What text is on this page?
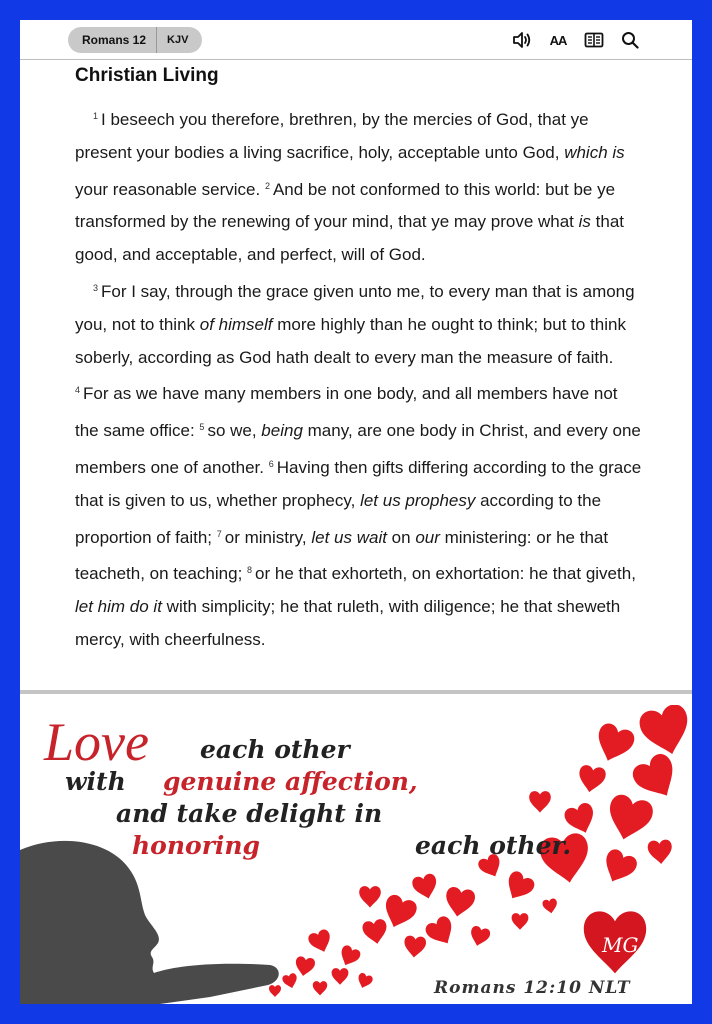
Romans 12	KJV	AA
Christian Living

$^1$ I beseech you therefore, brethren, by the mercies of God, that ye present your bodies a living sacrifice, holy, acceptable unto God, which is your reasonable service. $^2$ And be not conformed to this world: but be ye transformed by the renewing of your mind, that ye may prove what is that good, and acceptable, and perfect, will of God.

$^3$ For I say, through the grace given unto me, to every man that is among you, not to think of himself more highly than he ought to think; but to think soberly, according as God hath dealt to every man the measure of faith. $^4$ For as we have many members in one body, and all members have not the same office: $^5$ so we, being many, are one body in Christ, and every one members one of another. $^6$ Having then gifts differing according to the grace that is given to us, whether prophecy, let us prophesy according to the proportion of faith; $^7$ or ministry, let us wait on our ministering: or he that teacheth, on teaching; $^8$ or he that exhorteth, on exhortation: he that giveth, let him do it with simplicity; he that ruleth, with diligence; he that sheweth mercy, with cheerfulness.

MG
Love each other
with genuine affection,
and take delight in
honoring	each other.
Romans 12:10 NLT
